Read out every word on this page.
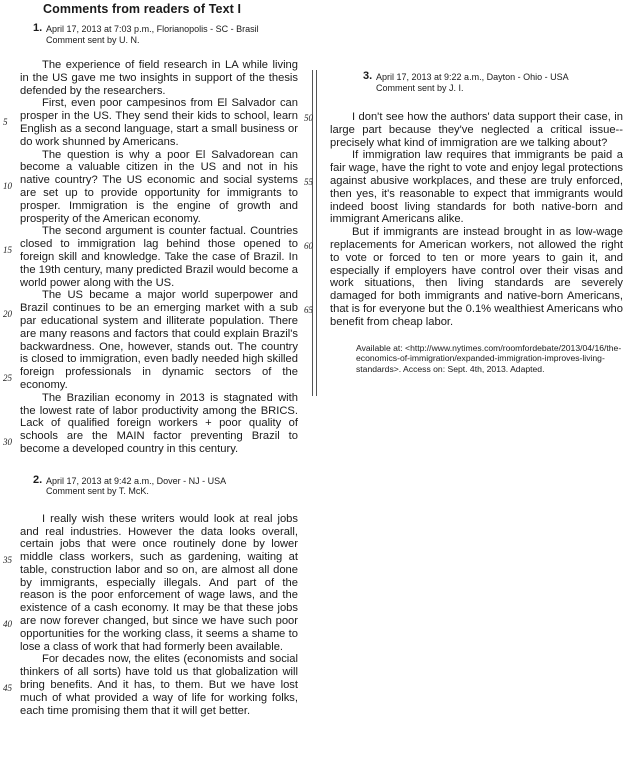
Comments from readers of Text I
1. April 17, 2013 at 7:03 p.m., Florianopolis - SC - Brasil
Comment sent by U. N.

The experience of field research in LA while living in the US gave me two insights in support of the thesis defended by the researchers.

First, even poor campesinos from El Salvador can prosper in the US. They send their kids to school, learn English as a second language, start a small business or do work shunned by Americans.

The question is why a poor El Salvadorean can become a valuable citizen in the US and not in his native country? The US economic and social systems are set up to provide opportunity for immigrants to prosper. Immigration is the engine of growth and prosperity of the American economy.

The second argument is counter factual. Countries closed to immigration lag behind those opened to foreign skill and knowledge. Take the case of Brazil. In the 19th century, many predicted Brazil would become a world power along with the US.

The US became a major world superpower and Brazil continues to be an emerging market with a sub par educational system and illiterate population. There are many reasons and factors that could explain Brazil's backwardness. One, however, stands out. The country is closed to immigration, even badly needed high skilled foreign professionals in dynamic sectors of the economy.

The Brazilian economy in 2013 is stagnated with the lowest rate of labor productivity among the BRICS. Lack of qualified foreign workers + poor quality of schools are the MAIN factor preventing Brazil to become a developed country in this century.

5
10
15
20
25
30
2. April 17, 2013 at 9:42 a.m., Dover - NJ - USA
Comment sent by T. McK.

I really wish these writers would look at real jobs and real industries. However the data looks overall, certain jobs that were once routinely done by lower middle class workers, such as gardening, waiting at table, construction labor and so on, are almost all done by immigrants, especially illegals. And part of the reason is the poor enforcement of wage laws, and the existence of a cash economy. It may be that these jobs are now forever changed, but since we have such poor opportunities for the working class, it seems a shame to lose a class of work that had formerly been available.

For decades now, the elites (economists and social thinkers of all sorts) have told us that globalization will bring benefits. And it has, to them. But we have lost much of what provided a way of life for working folks, each time promising them that it will get better.

35
40
45
3. April 17, 2013 at 9:22 a.m., Dayton - Ohio - USA
Comment sent by J. I.

I don't see how the authors' data support their case, in large part because they've neglected a critical issue-- precisely what kind of immigration are we talking about?

If immigration law requires that immigrants be paid a fair wage, have the right to vote and enjoy legal protections against abusive workplaces, and these are truly enforced, then yes, it's reasonable to expect that immigrants would indeed boost living standards for both native-born and immigrant Americans alike.

But if immigrants are instead brought in as low-wage replacements for American workers, not allowed the right to vote or forced to ten or more years to gain it, and especially if employers have control over their visas and work situations, then living standards are severely damaged for both immigrants and native-born Americans, that is for everyone but the 0.1% wealthiest Americans who benefit from cheap labor.

50
55
60
65
Available at: <http://www.nytimes.com/roomfordebate/2013/04/16/the-economics-of-immigration/expanded-immigration-improves-living-standards>. Access on: Sept. 4th, 2013. Adapted.
